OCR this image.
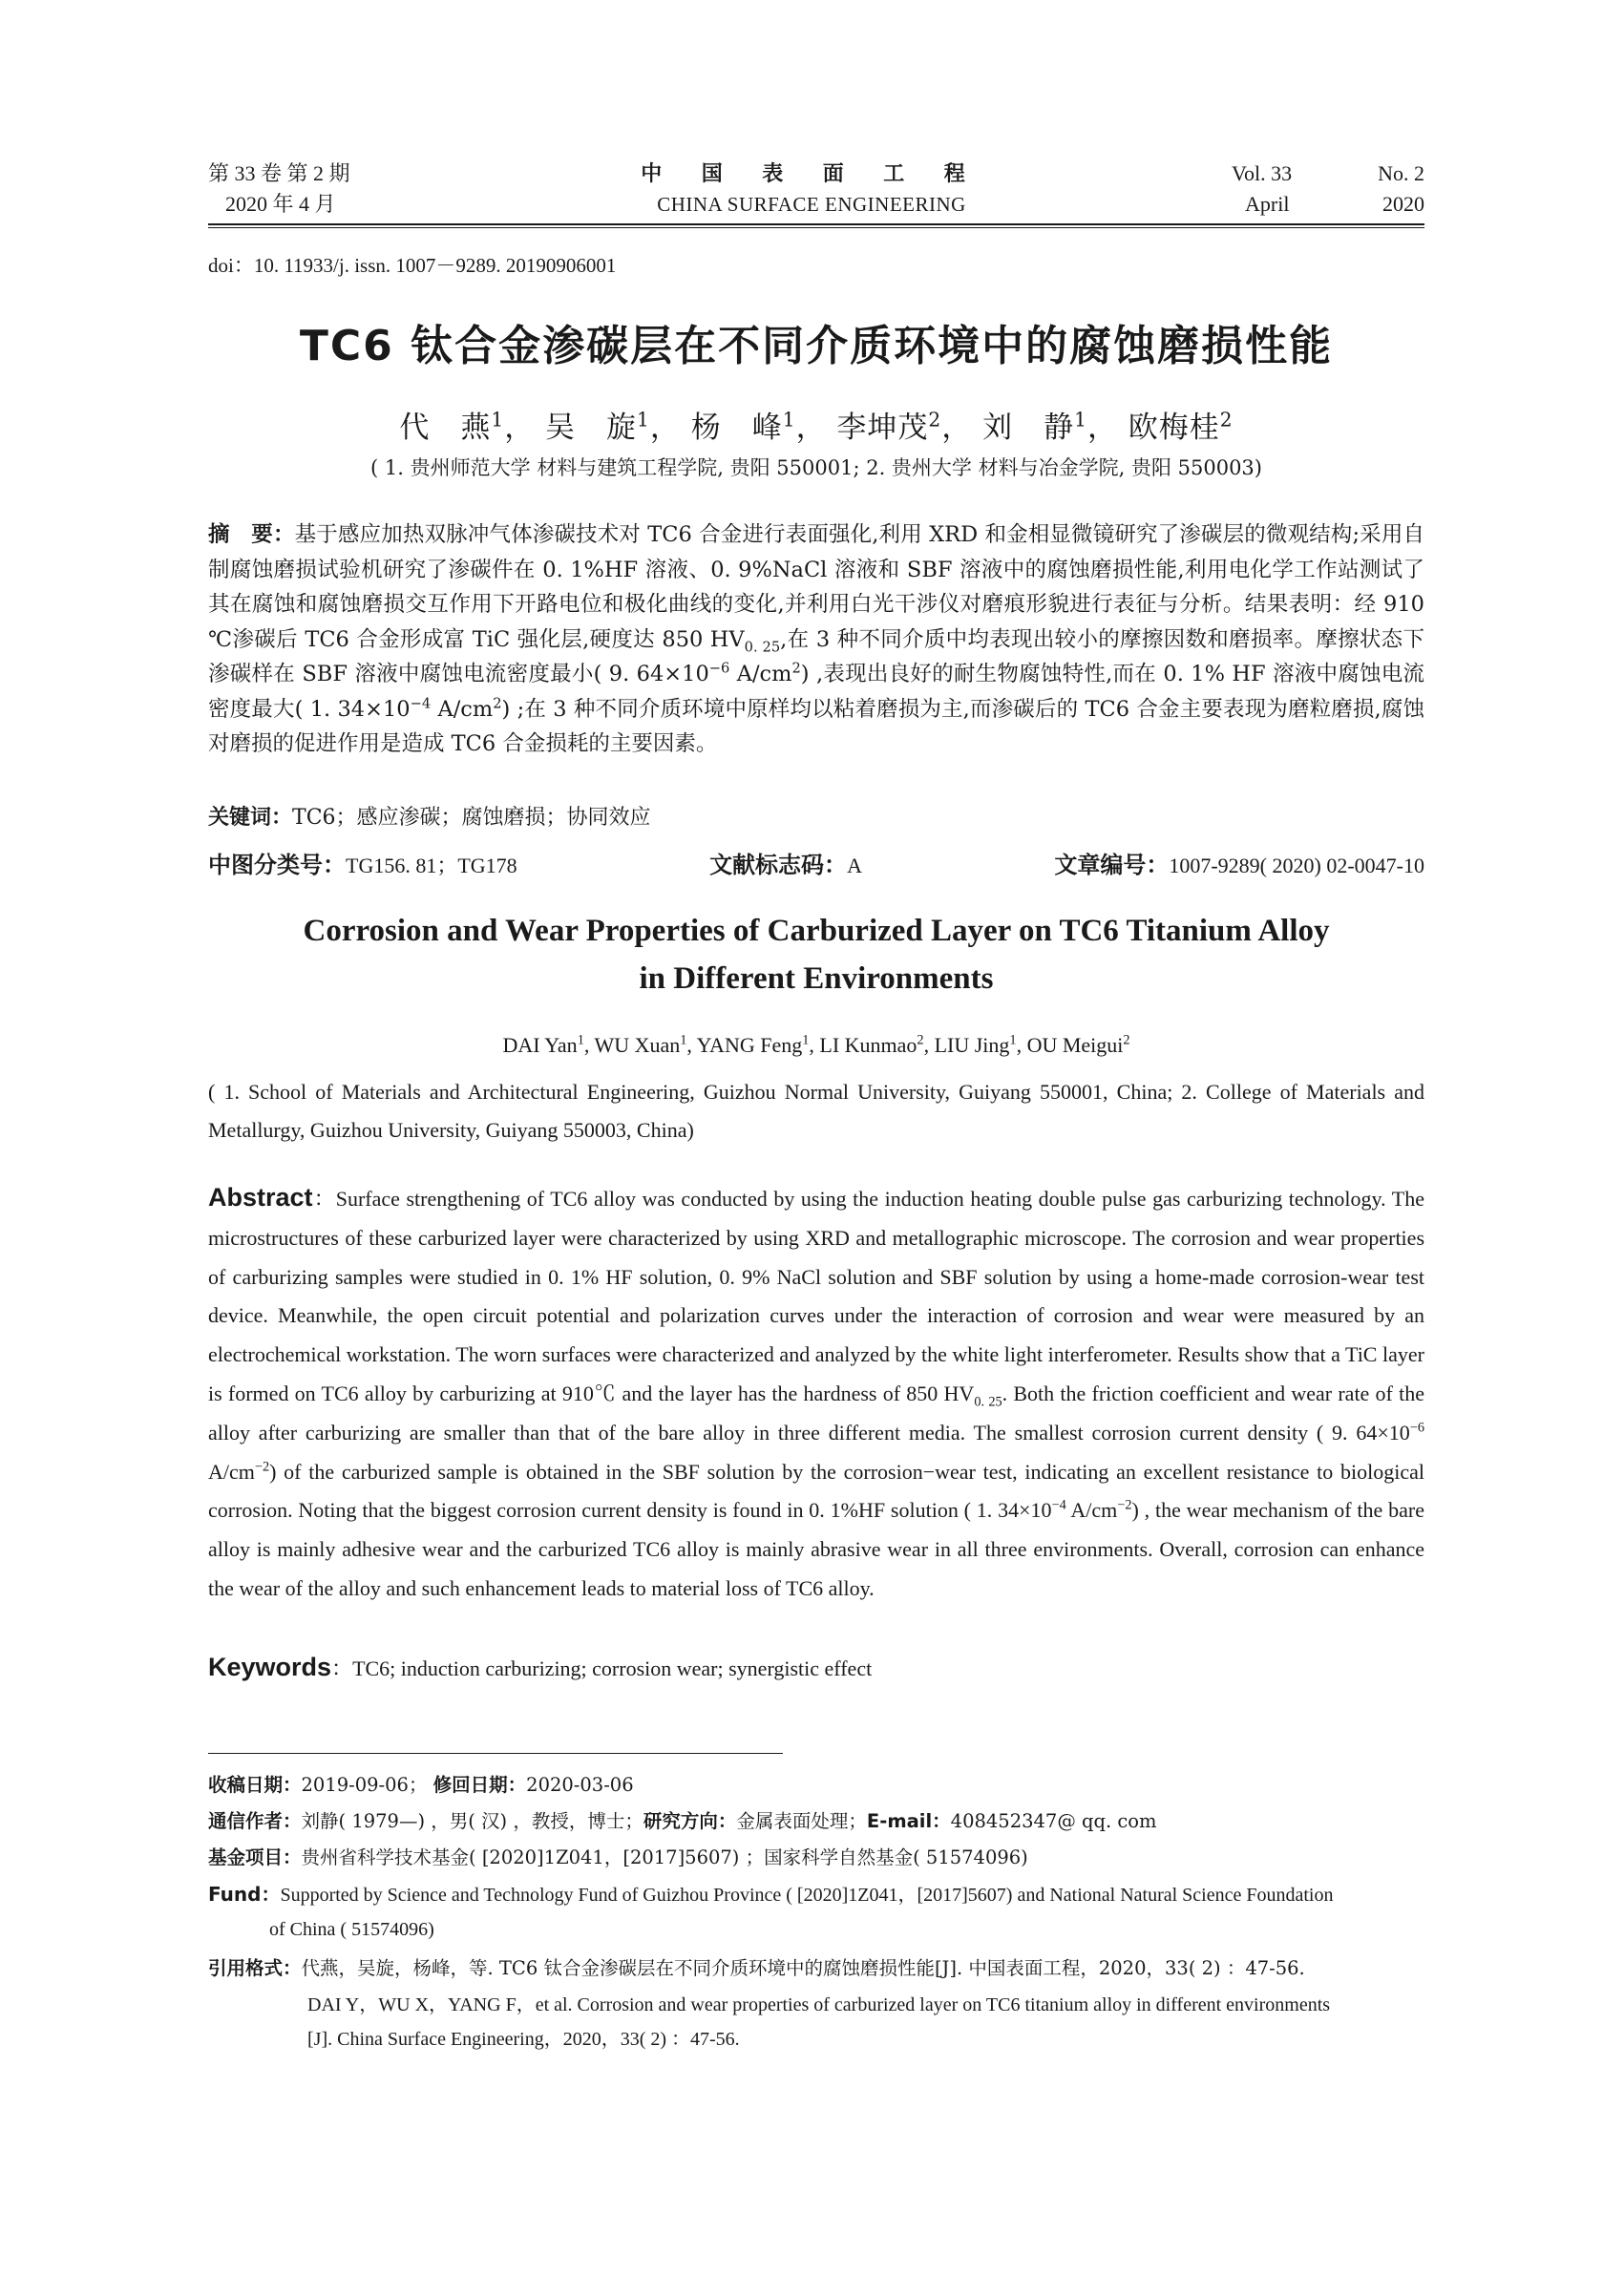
第 33 卷 第 2 期
2020 年 4 月
中 国 表 面 工 程
CHINA SURFACE ENGINEERING
Vol. 33	No. 2
April	2020
doi：10. 11933/j. issn. 1007－9289. 20190906001
TC6 钛合金渗碳层在不同介质环境中的腐蚀磨损性能
代　燕$^1$， 吴　旋$^1$， 杨　峰$^1$， 李坤茂$^2$， 刘　静$^1$， 欧梅桂$^2$
( 1. 贵州师范大学 材料与建筑工程学院, 贵阳 550001; 2. 贵州大学 材料与冶金学院, 贵阳 550003)
摘　要：基于感应加热双脉冲气体渗碳技术对 TC6 合金进行表面强化,利用 XRD 和金相显微镜研究了渗碳层的微观结构;采用自制腐蚀磨损试验机研究了渗碳件在 0. 1%HF 溶液、0. 9%NaCl 溶液和 SBF 溶液中的腐蚀磨损性能,利用电化学工作站测试了其在腐蚀和腐蚀磨损交互作用下开路电位和极化曲线的变化,并利用白光干涉仪对磨痕形貌进行表征与分析。结果表明：经 910 ℃渗碳后 TC6 合金形成富 TiC 强化层,硬度达 850 $HV_{0. 25}$,在 3 种不同介质中均表现出较小的摩擦因数和磨损率。摩擦状态下渗碳样在 SBF 溶液中腐蚀电流密度最小( 9. $64\times 10^{-6}$ $A/cm^2$) ,表现出良好的耐生物腐蚀特性,而在 0. 1% HF 溶液中腐蚀电流密度最大( 1. $34\times 10^{-4}$ $A/cm^2$) ;在 3 种不同介质环境中原样均以粘着磨损为主,而渗碳后的 TC6 合金主要表现为磨粒磨损,腐蚀对磨损的促进作用是造成 TC6 合金损耗的主要因素。
关键词：TC6；感应渗碳；腐蚀磨损；协同效应
中图分类号：TG156. 81；TG178	文献标志码：A	文章编号：1007-9289( 2020) 02-0047-10
Corrosion and Wear Properties of Carburized Layer on TC6 Titanium Alloy
in Different Environments
DAI Yan$^1$, WU Xuan$^1$, YANG Feng$^1$, LI Kunmao$^2$, LIU Jing$^1$, OU Meigui$^2$
( 1. School of Materials and Architectural Engineering, Guizhou Normal University, Guiyang 550001, China; 2. College of Materials and Metallurgy, Guizhou University, Guiyang 550003, China)
Abstract：Surface strengthening of TC6 alloy was conducted by using the induction heating double pulse gas carburizing technology. The microstructures of these carburized layer were characterized by using XRD and metallographic microscope. The corrosion and wear properties of carburizing samples were studied in 0. 1% HF solution, 0. 9% NaCl solution and SBF solution by using a home-made corrosion-wear test device. Meanwhile, the open circuit potential and polarization curves under the interaction of corrosion and wear were measured by an electrochemical workstation. The worn surfaces were characterized and analyzed by the white light interferometer. Results show that a TiC layer is formed on TC6 alloy by carburizing at 910℃ and the layer has the hardness of 850 $HV_{0. 25}$. Both the friction coefficient and wear rate of the alloy after carburizing are smaller than that of the bare alloy in three different media. The smallest corrosion current density ( 9. $64\times 10^{-6}$ $A/cm^{-2}$) of the carburized sample is obtained in the SBF solution by the corrosion−wear test, indicating an excellent resistance to biological corrosion. Noting that the biggest corrosion current density is found in 0. 1%HF solution ( 1. $34\times 10^{-4}$ $A/cm^{-2}$) , the wear mechanism of the bare alloy is mainly adhesive wear and the carburized TC6 alloy is mainly abrasive wear in all three environments. Overall, corrosion can enhance the wear of the alloy and such enhancement leads to material loss of TC6 alloy.
Keywords：TC6; induction carburizing; corrosion wear; synergistic effect
收稿日期：2019-09-06； 修回日期：2020-03-06
通信作者：刘静( 1979—) ，男( 汉) ，教授，博士；研究方向：金属表面处理；E-mail：408452347@ qq. com
基金项目：贵州省科学技术基金( [2020]1Z041，[2017]5607) ；国家科学自然基金( 51574096)
Fund：Supported by Science and Technology Fund of Guizhou Province ( [2020]1Z041，[2017]5607) and National Natural Science Foundation
of China ( 51574096)
引用格式：代燕，吴旋，杨峰，等. TC6 钛合金渗碳层在不同介质环境中的腐蚀磨损性能[J]. 中国表面工程，2020，33( 2) ：47-56.
DAI Y，WU X，YANG F，et al. Corrosion and wear properties of carburized layer on TC6 titanium alloy in different environments
[J]. China Surface Engineering，2020，33( 2) ：47-56.
